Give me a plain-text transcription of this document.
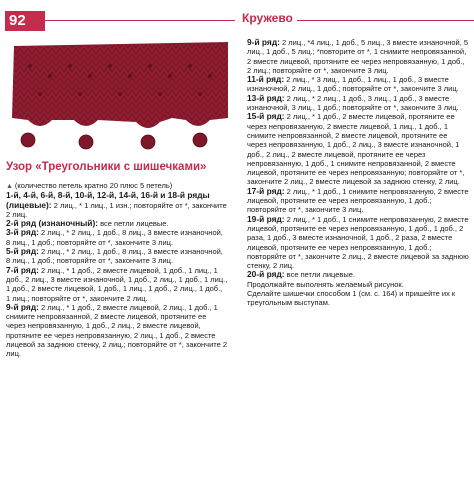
92	Кружево
Узор «Треугольники с шишечками»

▲ (количество петель кратно 20 плюс 5 петель)

1-й, 4-й, 6-й, 8-й, 10-й, 12-й, 14-й, 16-й и 18-й ряды (лицевые): 2 лиц., * 1 лиц., 1 изн.; повторяйте от *, закончите 2 лиц.

2-й ряд (изнаночный): все петли лицевые.

3-й ряд: 2 лиц., * 2 лиц., 1 доб., 8 лиц., 3 вместе изнаночной, 8 лиц., 1 доб.; повторяйте от *, закончите 3 лиц.

5-й ряд: 2 лиц., * 2 лиц., 1 доб., 8 лиц., 3 вместе изнаночной, 8 лиц., 1 доб.; повторяйте от *, закончите 3 лиц.

7-й ряд: 2 лиц., * 1 доб., 2 вместе лицевой, 1 доб., 1 лиц., 1 доб., 2 лиц., 3 вместе изнаночной, 1 доб., 2 лиц., 1 доб., 1 лиц., 1 доб., 2 вместе лицевой, 1 доб., 1 лиц., 1 доб., 2 лиц., 1 доб., 1 лиц.; повторяйте от *, закончите 2 лиц.

9-й ряд: 2 лиц., * 1 доб., 2 вместе лицевой, 2 лиц., 1 доб., 1 снимите непровязанной, 2 вместе лицевой, протяните ее через непровязанную, 1 доб., 2 лиц., 2 вместе лицевой, протяните ее через непровязанную, 2 лиц., 1 доб., 2 вместе лицевой за заднюю стенку, 2 лиц.; повторяйте от *, закончите 2 лиц.

9-й ряд: 2 лиц., *4 лиц., 1 доб., 5 лиц., 3 вместе изнаночной, 5 лиц., 1 доб., 5 лиц.; *повторите от *, 1 снимите непровязанной, 2 вместе лицевой, протяните ее через непровязанную, 1 доб., 2 лиц.; повторяйте от *, закончите 3 лиц.

11-й ряд: 2 лиц., * 3 лиц., 1 доб., 1 лиц., 1 доб., 3 вместе изнаночной, 2 лиц., 1 доб.; повторяйте от *, закончите 3 лиц.

13-й ряд: 2 лиц., * 2 лиц., 1 доб., 3 лиц., 1 доб., 3 вместе изнаночной, 3 лиц., 1 доб.; повторяйте от *, закончите 3 лиц.

15-й ряд: 2 лиц., * 1 доб., 2 вместе лицевой, протяните ее через непровязанную, 2 вместе лицевой, 1 лиц., 1 доб., 1 снимите непровязанной, 2 вместе лицевой, протяните ее через непровязанную, 1 доб., 2 лиц., 3 вместе изнаночной, 1 доб., 2 лиц., 2 вместе лицевой, протяните ее через непровязанную, 1 доб., 1 снимите непровязанной, 2 вместе лицевой, протяните ее через непровязанную; повторяйте от *, закончите 2 лиц., 2 вместе лицевой за заднюю стенку, 2 лиц.

17-й ряд: 2 лиц., * 1 доб., 1 снимите непровязанную, 2 вместе лицевой, протяните ее через непровязанную, 1 доб.; повторяйте от *, закончите 3 лиц.

19-й ряд: 2 лиц., * 1 доб., 1 снимите непровязанную, 2 вместе лицевой, протяните ее через непровязанную, 1 доб., 1 доб., 2 раза, 1 доб., 3 вместе изнаночной, 1 доб., 2 раза, 2 вместе лицевой, протяните ее через непровязанную, 1 доб.; повторяйте от *, закончите 2 лиц., 2 вместе лицевой за заднюю стенку, 2 лиц.

20-й ряд: все петли лицевые.

Продолжайте выполнять желаемый рисунок.

Сделайте шишечки способом 1 (см. с. 164) и пришейте их к треугольным выступам.
